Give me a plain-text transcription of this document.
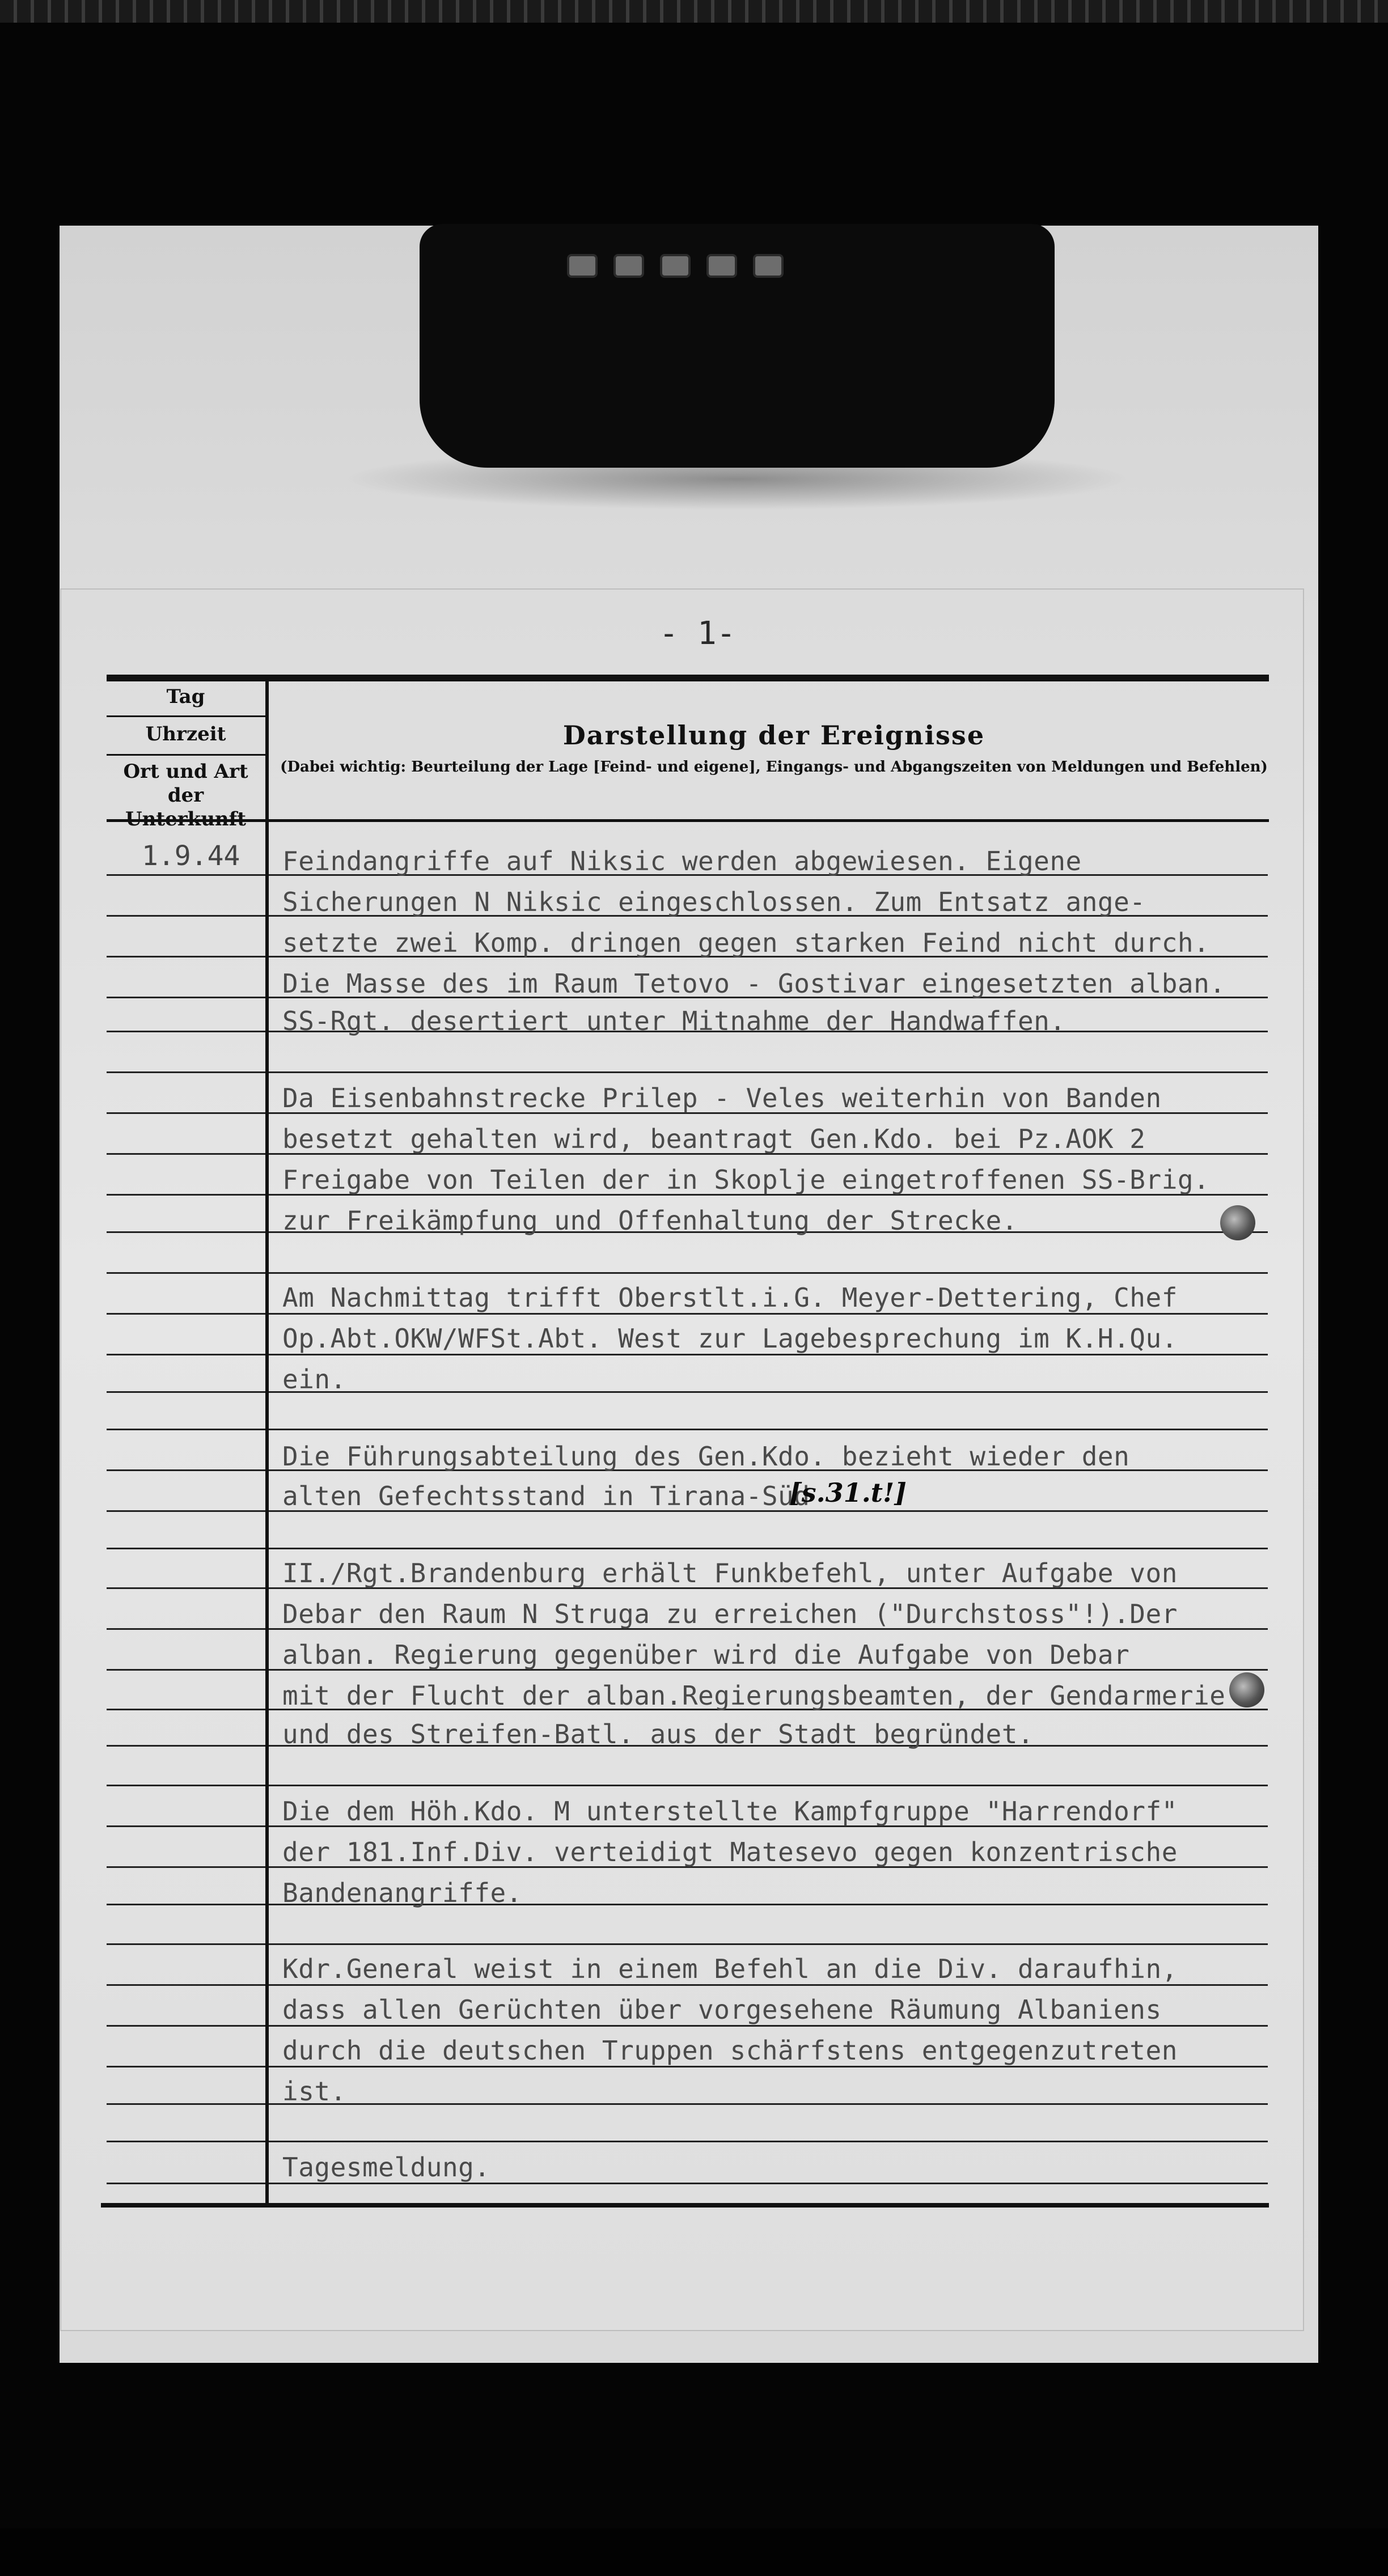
- 1-
Tag
Uhrzeit
Ort und Art der Unterkunft
Darstellung der Ereignisse
(Dabei wichtig: Beurteilung der Lage [Feind- und eigene], Eingangs- und Abgangszeiten von Meldungen und Befehlen)
1.9.44 Feindangriffe auf Niksic werden abgewiesen. Eigene
Sicherungen N Niksic eingeschlossen. Zum Entsatz ange-
setzte zwei Komp. dringen gegen starken Feind nicht durch.
Die Masse des im Raum Tetovo - Gostivar eingesetzten alban.
SS-Rgt. desertiert unter Mitnahme der Handwaffen.
Da Eisenbahnstrecke Prilep - Veles weiterhin von Banden
besetzt gehalten wird, beantragt Gen.Kdo. bei Pz.AOK 2
Freigabe von Teilen der in Skoplje eingetroffenen SS-Brig.
zur Freikämpfung und Offenhaltung der Strecke.
Am Nachmittag trifft Oberstlt.i.G. Meyer-Dettering, Chef
Op.Abt.OKW/WFSt.Abt. West zur Lagebesprechung im K.H.Qu.
ein.
Die Führungsabteilung des Gen.Kdo. bezieht wieder den
alten Gefechtsstand in Tirana-Süd
[s.31.t!]
II./Rgt.Brandenburg erhält Funkbefehl, unter Aufgabe von
Debar den Raum N Struga zu erreichen ("Durchstoss"!).Der
alban. Regierung gegenüber wird die Aufgabe von Debar
mit der Flucht der alban.Regierungsbeamten, der Gendarmerie
und des Streifen-Batl. aus der Stadt begründet.
Die dem Höh.Kdo. M unterstellte Kampfgruppe "Harrendorf"
der 181.Inf.Div. verteidigt Matesevo gegen konzentrische
Bandenangriffe.
Kdr.General weist in einem Befehl an die Div. daraufhin,
dass allen Gerüchten über vorgesehene Räumung Albaniens
durch die deutschen Truppen schärfstens entgegenzutreten
ist.
Tagesmeldung.
